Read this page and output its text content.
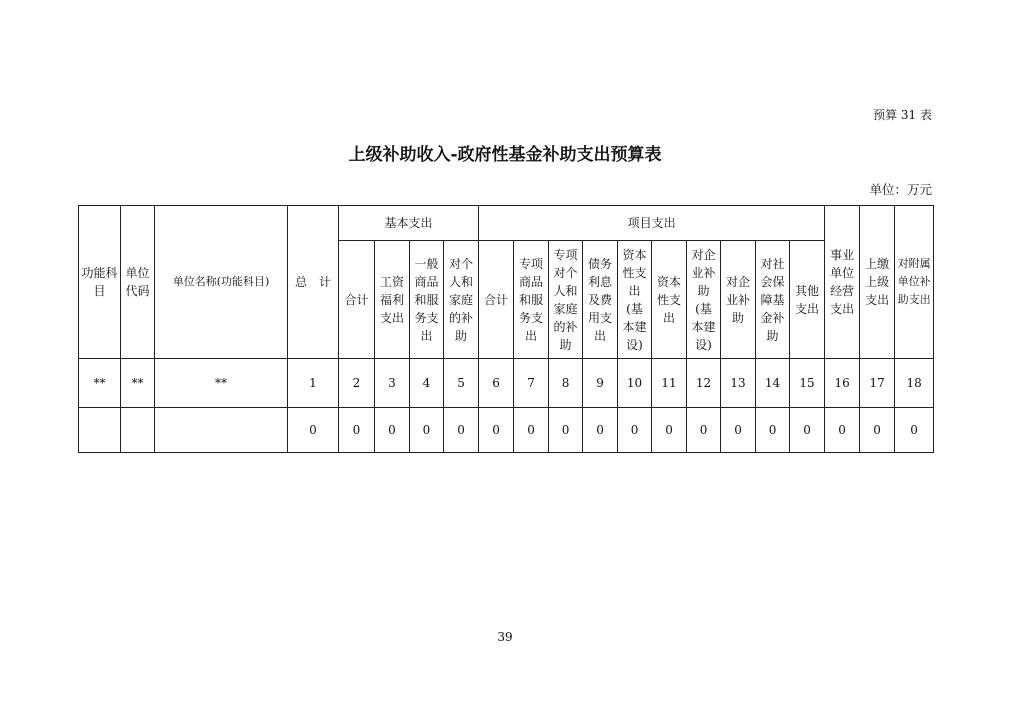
预算 31 表
上级补助收入-政府性基金补助支出预算表
单位：万元
功能科目	单位代码	单位名称(功能科目)	总　计	基本支出				项目支出										事业单位经营支出	上缴上级支出	对附属单位补助支出
				合计	工资福利支出	一般商品和服务支出	对个人和家庭的补助	合计	专项商品和服务支出	专项对个人和家庭的补助	债务利息及费用支出	资本性支出(基本建设)	资本性支出	对企业补助(基本建设)	对企业补助	对社会保障基金补助	其他支出			
**	**	**	1	2	3	4	5	6	7	8	9	10	11	12	13	14	15	16	17	18
			0	0	0	0	0	0	0	0	0	0	0	0	0	0	0	0	0	0
39
